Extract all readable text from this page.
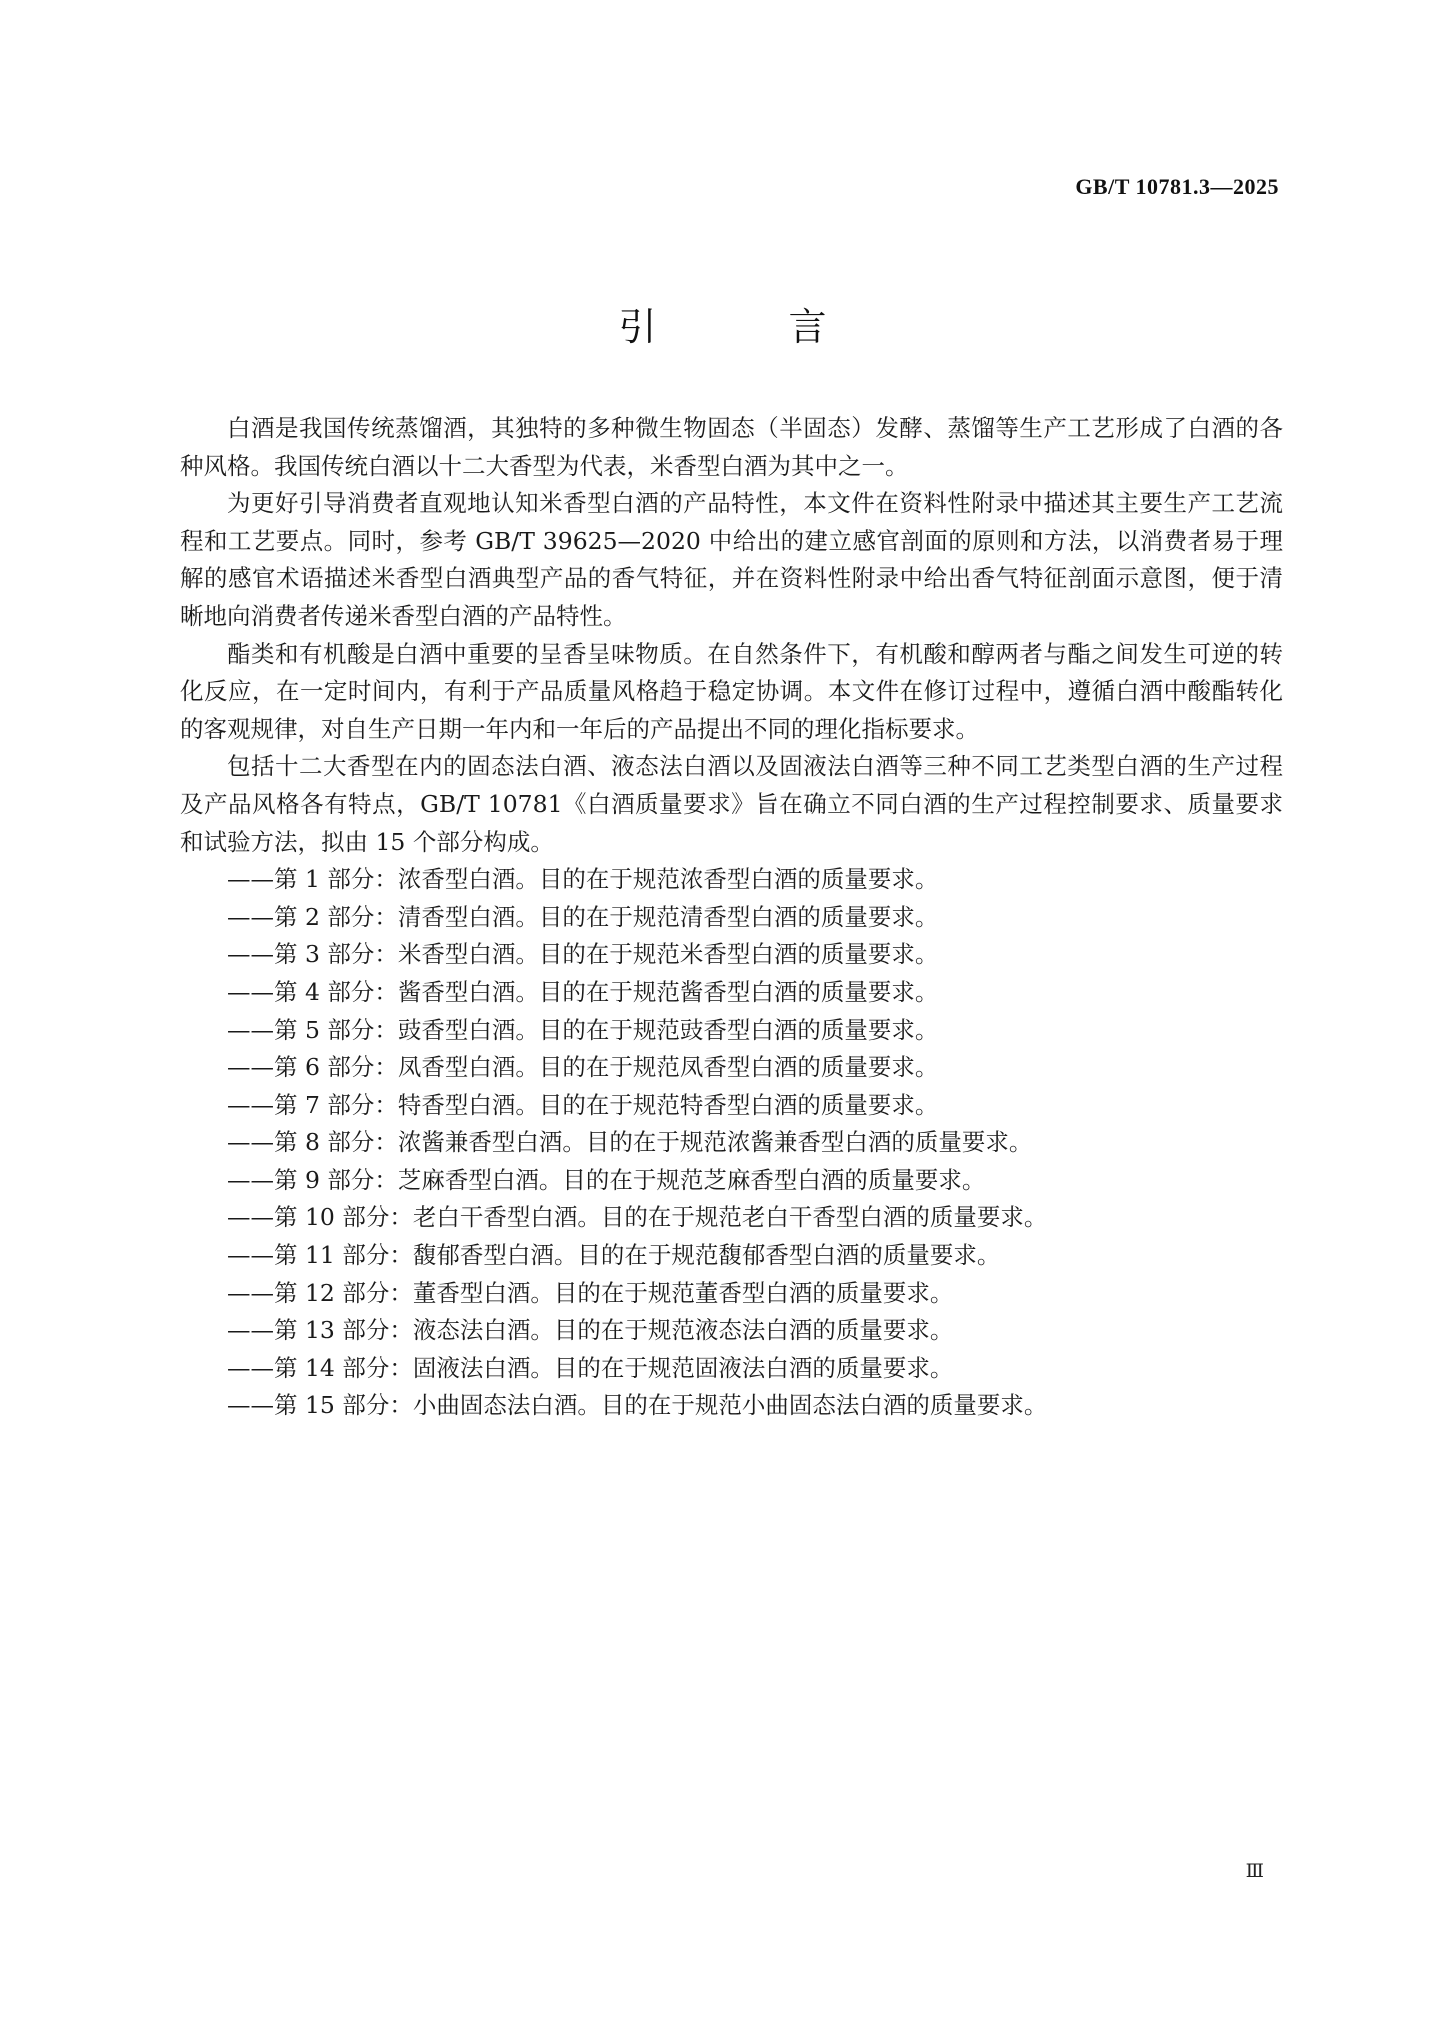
GB/T 10781.3—2025
引 言

白酒是我国传统蒸馏酒，其独特的多种微生物固态（半固态）发酵、蒸馏等生产工艺形成了白酒的各种风格。我国传统白酒以十二大香型为代表，米香型白酒为其中之一。

为更好引导消费者直观地认知米香型白酒的产品特性，本文件在资料性附录中描述其主要生产工艺流程和工艺要点。同时，参考 GB/T 39625—2020 中给出的建立感官剖面的原则和方法，以消费者易于理解的感官术语描述米香型白酒典型产品的香气特征，并在资料性附录中给出香气特征剖面示意图，便于清晰地向消费者传递米香型白酒的产品特性。

酯类和有机酸是白酒中重要的呈香呈味物质。在自然条件下，有机酸和醇两者与酯之间发生可逆的转化反应，在一定时间内，有利于产品质量风格趋于稳定协调。本文件在修订过程中，遵循白酒中酸酯转化的客观规律，对自生产日期一年内和一年后的产品提出不同的理化指标要求。

包括十二大香型在内的固态法白酒、液态法白酒以及固液法白酒等三种不同工艺类型白酒的生产过程及产品风格各有特点，GB/T 10781《白酒质量要求》旨在确立不同白酒的生产过程控制要求、质量要求和试验方法，拟由 15 个部分构成。

——第 1 部分：浓香型白酒。目的在于规范浓香型白酒的质量要求。
——第 2 部分：清香型白酒。目的在于规范清香型白酒的质量要求。
——第 3 部分：米香型白酒。目的在于规范米香型白酒的质量要求。
——第 4 部分：酱香型白酒。目的在于规范酱香型白酒的质量要求。
——第 5 部分：豉香型白酒。目的在于规范豉香型白酒的质量要求。
——第 6 部分：凤香型白酒。目的在于规范凤香型白酒的质量要求。
——第 7 部分：特香型白酒。目的在于规范特香型白酒的质量要求。
——第 8 部分：浓酱兼香型白酒。目的在于规范浓酱兼香型白酒的质量要求。
——第 9 部分：芝麻香型白酒。目的在于规范芝麻香型白酒的质量要求。
——第 10 部分：老白干香型白酒。目的在于规范老白干香型白酒的质量要求。
——第 11 部分：馥郁香型白酒。目的在于规范馥郁香型白酒的质量要求。
——第 12 部分：董香型白酒。目的在于规范董香型白酒的质量要求。
——第 13 部分：液态法白酒。目的在于规范液态法白酒的质量要求。
——第 14 部分：固液法白酒。目的在于规范固液法白酒的质量要求。
——第 15 部分：小曲固态法白酒。目的在于规范小曲固态法白酒的质量要求。
Ⅲ
